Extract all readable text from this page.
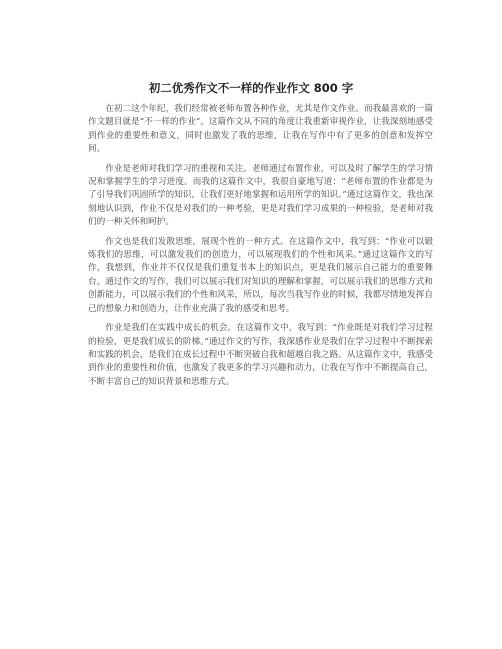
初二优秀作文不一样的作业作文 800 字

在初二这个年纪，我们经常被老师布置各种作业，尤其是作文作业。而我最喜欢的一篇作文题目就是“不一样的作业”。这篇作文从不同的角度让我重新审视作业，让我深刻地感受到作业的重要性和意义，同时也激发了我的思维，让我在写作中有了更多的创意和发挥空间。

作业是老师对我们学习的重视和关注。老师通过布置作业，可以及时了解学生的学习情况和掌握学生的学习进度。而我的这篇作文中，我很自豪地写道：“老师布置的作业都是为了引导我们巩固所学的知识，让我们更好地掌握和运用所学的知识。”通过这篇作文，我也深刻地认识到，作业不仅是对我们的一种考验，更是对我们学习成果的一种检验，是老师对我们的一种关怀和呵护。

作文也是我们发散思维，展现个性的一种方式。在这篇作文中，我写到：“作业可以锻炼我们的思维，可以激发我们的创造力，可以展现我们的个性和风采。”通过这篇作文的写作，我想到，作业并不仅仅是我们重复书本上的知识点，更是我们展示自己能力的重要舞台。通过作文的写作，我们可以展示我们对知识的理解和掌握，可以展示我们的思维方式和创新能力，可以展示我们的个性和风采，所以，每次当我写作业的时候，我都尽情地发挥自己的想象力和创造力，让作业充满了我的感受和思考。

作业是我们在实践中成长的机会。在这篇作文中，我写到：“作业既是对我们学习过程的检验，更是我们成长的阶梯。”通过作文的写作，我深感作业是我们在学习过程中不断探索和实践的机会，是我们在成长过程中不断突破自我和超越自我之路。从这篇作文中，我感受到作业的重要性和价值，也激发了我更多的学习兴趣和动力，让我在写作中不断提高自己，不断丰富自己的知识背景和思维方式。
